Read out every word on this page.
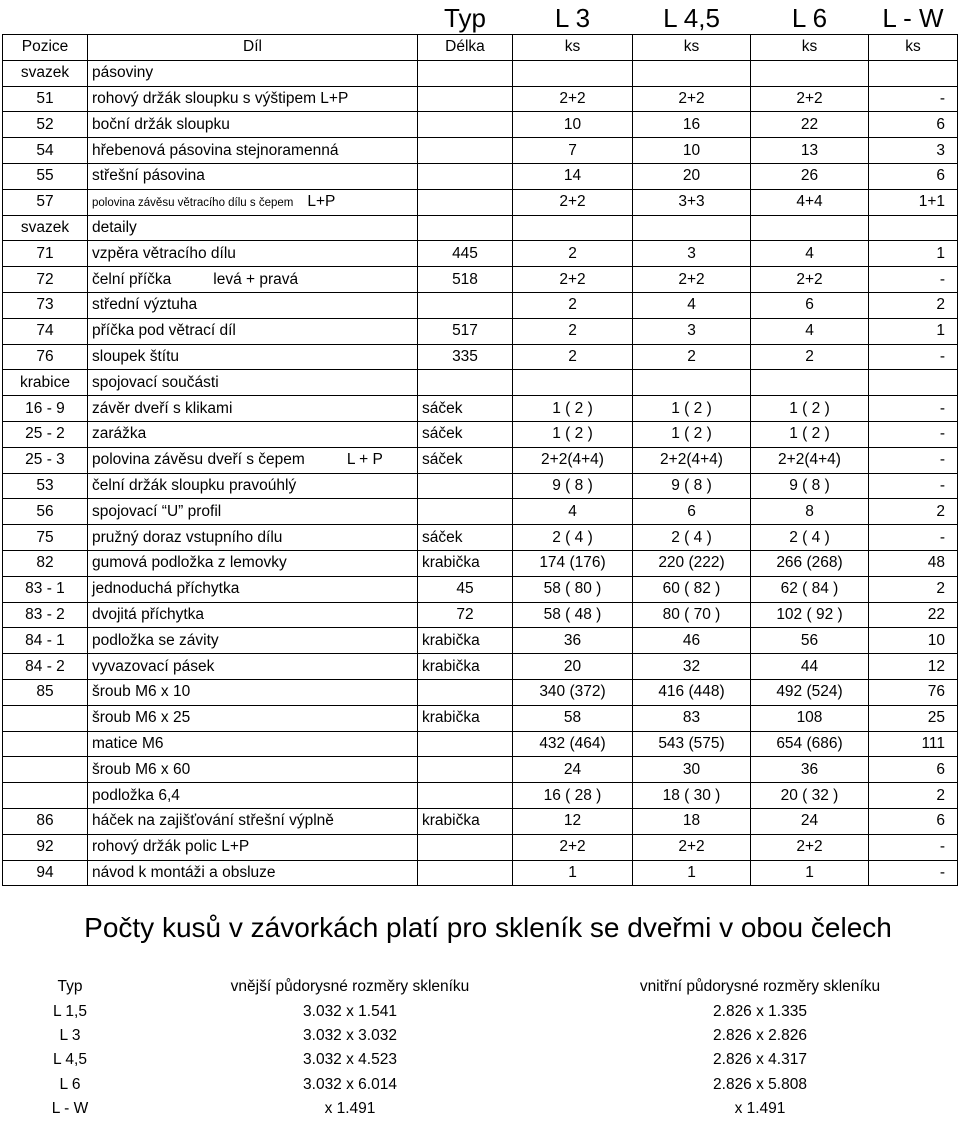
		Typ	L 3	L 4,5	L 6	L - W
Pozice	Díl	Délka	ks	ks	ks	ks
svazek	pásoviny					
51	rohový držák sloupku s výštipem L+P		2+2	2+2	2+2	-
52	boční držák sloupku		10	16	22	6
54	hřebenová pásovina stejnoramenná		7	10	13	3
55	střešní pásovina		14	20	26	6
57	polovina závěsu větracího dílu s čepem L+P		2+2	3+3	4+4	1+1
svazek	detaily					
71	vzpěra větracího dílu	445	2	3	4	1
72	čelní příčka levá + pravá	518	2+2	2+2	2+2	-
73	střední výztuha		2	4	6	2
74	příčka pod větrací díl	517	2	3	4	1
76	sloupek štítu	335	2	2	2	-
krabice	spojovací součásti					
16 - 9	závěr dveří s klikami	sáček	1 ( 2 )	1 ( 2 )	1 ( 2 )	-
25 - 2	zarážka	sáček	1 ( 2 )	1 ( 2 )	1 ( 2 )	-
25 - 3	polovina závěsu dveří s čepem L + P	sáček	2+2(4+4)	2+2(4+4)	2+2(4+4)	-
53	čelní držák sloupku pravoúhlý		9 ( 8 )	9 ( 8 )	9 ( 8 )	-
56	spojovací “U” profil		4	6	8	2
75	pružný doraz vstupního dílu	sáček	2 ( 4 )	2 ( 4 )	2 ( 4 )	-
82	gumová podložka z lemovky	krabička	174 (176)	220 (222)	266 (268)	48
83 - 1	jednoduchá příchytka	45	58 ( 80 )	60 ( 82 )	62 ( 84 )	2
83 - 2	dvojitá příchytka	72	58 ( 48 )	80 ( 70 )	102 ( 92 )	22
84 - 1	podložka se závity	krabička	36	46	56	10
84 - 2	vyvazovací pásek	krabička	20	32	44	12
85	šroub M6 x 10		340 (372)	416 (448)	492 (524)	76
	šroub M6 x 25	krabička	58	83	108	25
	matice M6		432 (464)	543 (575)	654 (686)	111
	šroub M6 x 60		24	30	36	6
	podložka 6,4		16 ( 28 )	18 ( 30 )	20 ( 32 )	2
86	háček na zajišťování střešní výplně	krabička	12	18	24	6
92	rohový držák polic L+P		2+2	2+2	2+2	-
94	návod k montáži a obsluze		1	1	1	-
Počty kusů v závorkách platí pro skleník se dveřmi v obou čelech
Typ	vnější půdorysné rozměry skleníku	vnitřní půdorysné rozměry skleníku
L 1,5	3.032 x 1.541	2.826 x 1.335
L 3	3.032 x 3.032	2.826 x 2.826
L 4,5	3.032 x 4.523	2.826 x 4.317
L 6	3.032 x 6.014	2.826 x 5.808
L - W	x 1.491	x 1.491
